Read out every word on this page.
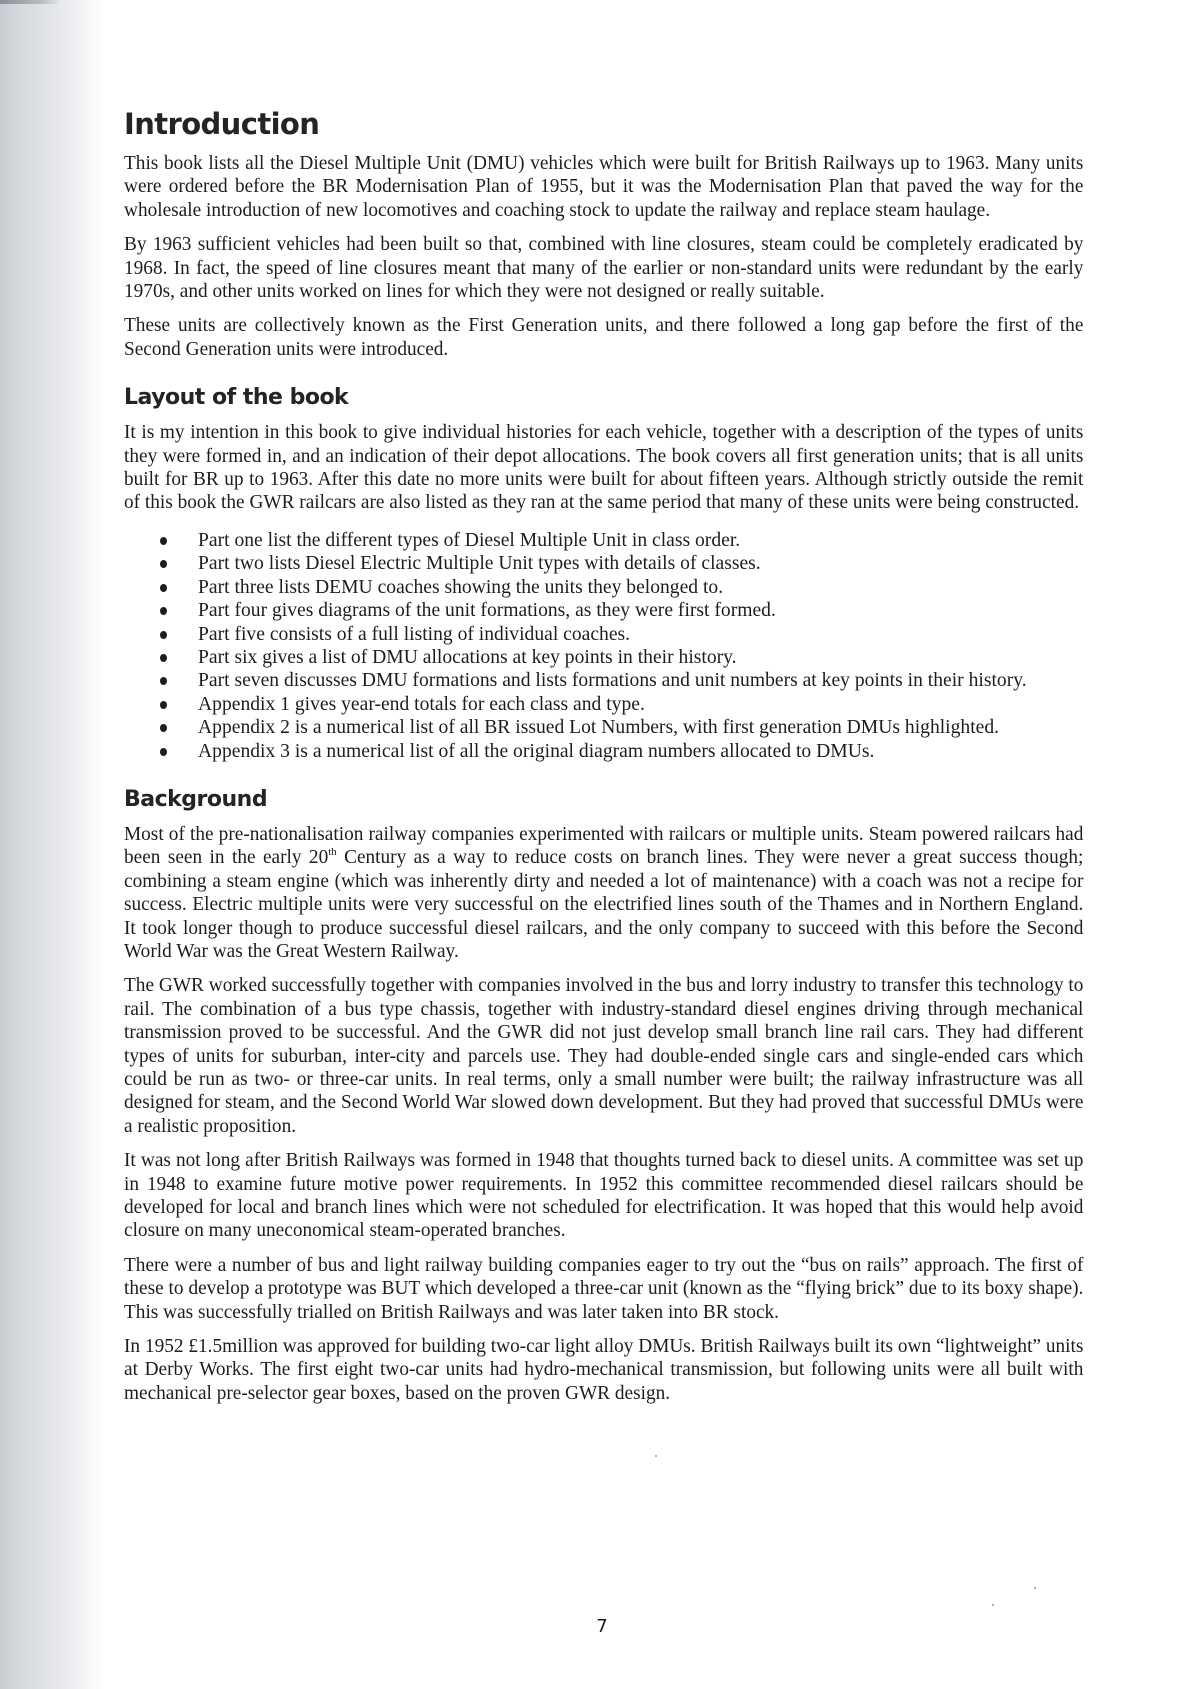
Introduction

This book lists all the Diesel Multiple Unit (DMU) vehicles which were built for British Railways up to 1963. Many units were ordered before the BR Modernisation Plan of 1955, but it was the Modernisation Plan that paved the way for the wholesale introduction of new locomotives and coaching stock to update the railway and replace steam haulage.

By 1963 sufficient vehicles had been built so that, combined with line closures, steam could be completely eradicated by 1968. In fact, the speed of line closures meant that many of the earlier or non-standard units were redundant by the early 1970s, and other units worked on lines for which they were not designed or really suitable.

These units are collectively known as the First Generation units, and there followed a long gap before the first of the Second Generation units were introduced.

Layout of the book

It is my intention in this book to give individual histories for each vehicle, together with a description of the types of units they were formed in, and an indication of their depot allocations. The book covers all first generation units; that is all units built for BR up to 1963. After this date no more units were built for about fifteen years. Although strictly outside the remit of this book the GWR railcars are also listed as they ran at the same period that many of these units were being constructed.

Part one list the different types of Diesel Multiple Unit in class order.
Part two lists Diesel Electric Multiple Unit types with details of classes.
Part three lists DEMU coaches showing the units they belonged to.
Part four gives diagrams of the unit formations, as they were first formed.
Part five consists of a full listing of individual coaches.
Part six gives a list of DMU allocations at key points in their history.
Part seven discusses DMU formations and lists formations and unit numbers at key points in their history.
Appendix 1 gives year-end totals for each class and type.
Appendix 2 is a numerical list of all BR issued Lot Numbers, with first generation DMUs highlighted.
Appendix 3 is a numerical list of all the original diagram numbers allocated to DMUs.
Background

Most of the pre-nationalisation railway companies experimented with railcars or multiple units. Steam powered railcars had been seen in the early 20th Century as a way to reduce costs on branch lines. They were never a great success though; combining a steam engine (which was inherently dirty and needed a lot of maintenance) with a coach was not a recipe for success. Electric multiple units were very successful on the electrified lines south of the Thames and in Northern England. It took longer though to produce successful diesel railcars, and the only company to succeed with this before the Second World War was the Great Western Railway.

The GWR worked successfully together with companies involved in the bus and lorry industry to transfer this technology to rail. The combination of a bus type chassis, together with industry-standard diesel engines driving through mechanical transmission proved to be successful. And the GWR did not just develop small branch line rail cars. They had different types of units for suburban, inter-city and parcels use. They had double-ended single cars and single-ended cars which could be run as two- or three-car units. In real terms, only a small number were built; the railway infrastructure was all designed for steam, and the Second World War slowed down development. But they had proved that successful DMUs were a realistic proposition.

It was not long after British Railways was formed in 1948 that thoughts turned back to diesel units. A committee was set up in 1948 to examine future motive power requirements. In 1952 this committee recommended diesel railcars should be developed for local and branch lines which were not scheduled for electrification. It was hoped that this would help avoid closure on many uneconomical steam-operated branches.

There were a number of bus and light railway building companies eager to try out the “bus on rails” approach. The first of these to develop a prototype was BUT which developed a three-car unit (known as the “flying brick” due to its boxy shape). This was successfully trialled on British Railways and was later taken into BR stock.

In 1952 £1.5million was approved for building two-car light alloy DMUs. British Railways built its own “lightweight” units at Derby Works. The first eight two-car units had hydro-mechanical transmission, but following units were all built with mechanical pre-selector gear boxes, based on the proven GWR design.

7
